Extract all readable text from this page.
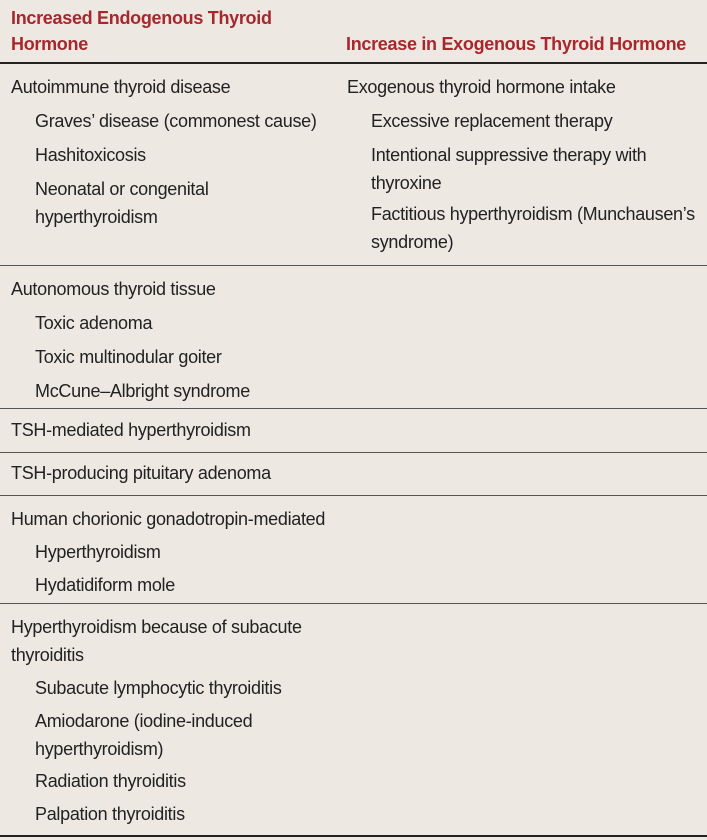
Increased Endogenous Thyroid Hormone	Increase in Exogenous Thyroid Hormone
Autoimmune thyroid disease
Graves’ disease (commonest cause)
Hashitoxicosis
Neonatal or congenital hyperthyroidism
Exogenous thyroid hormone intake
Excessive replacement therapy
Intentional suppressive therapy with thyroxine
Factitious hyperthyroidism (Munchausen’s syndrome)
Autonomous thyroid tissue
Toxic adenoma
Toxic multinodular goiter
McCune–Albright syndrome
TSH-mediated hyperthyroidism
TSH-producing pituitary adenoma
Human chorionic gonadotropin-mediated
Hyperthyroidism
Hydatidiform mole
Hyperthyroidism because of subacute thyroiditis
Subacute lymphocytic thyroiditis
Amiodarone (iodine-induced hyperthyroidism)
Radiation thyroiditis
Palpation thyroiditis
